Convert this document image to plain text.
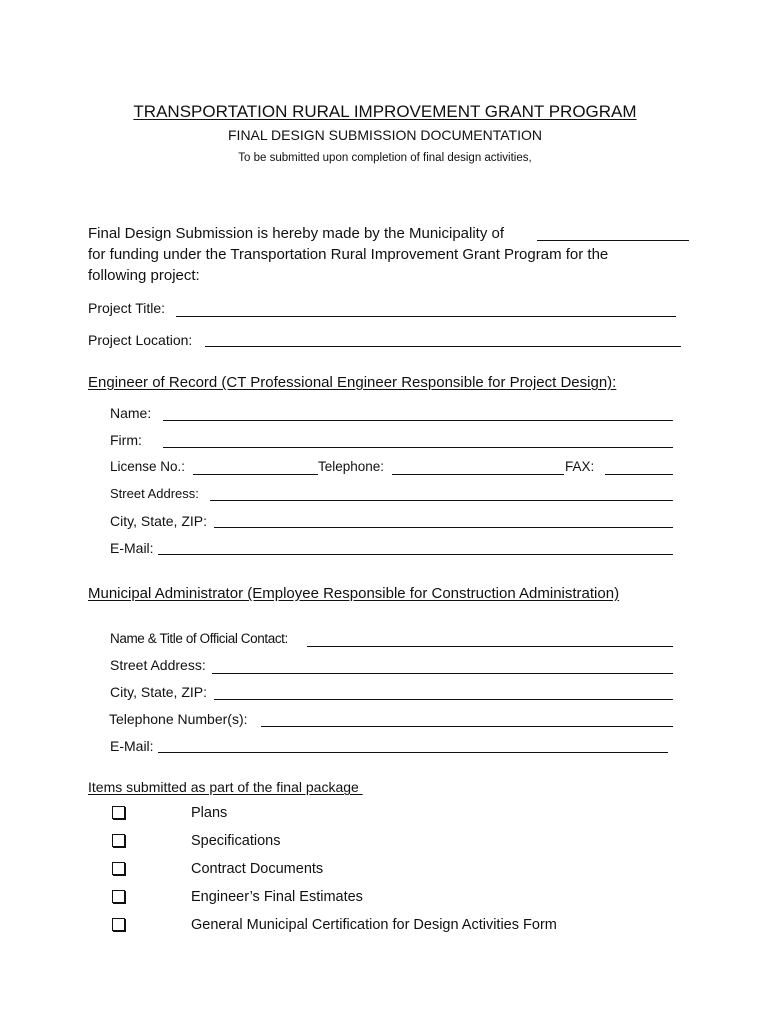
TRANSPORTATION RURAL IMPROVEMENT GRANT PROGRAM
FINAL DESIGN SUBMISSION DOCUMENTATION
To be submitted upon completion of final design activities,
Final Design Submission is hereby made by the Municipality of
for funding under the Transportation Rural Improvement Grant Program for the
following project:
Project Title:
Project Location:
Engineer of Record (CT Professional Engineer Responsible for Project Design):
Name:
Firm:
License No.:	Telephone:	FAX:
Street Address:
City, State, ZIP:
E-Mail:
Municipal Administrator (Employee Responsible for Construction Administration)
Name & Title of Official Contact:
Street Address:
City, State, ZIP:
Telephone Number(s):
E-Mail:
Items submitted as part of the final package
Plans
Specifications
Contract Documents
Engineer’s Final Estimates
General Municipal Certification for Design Activities Form
